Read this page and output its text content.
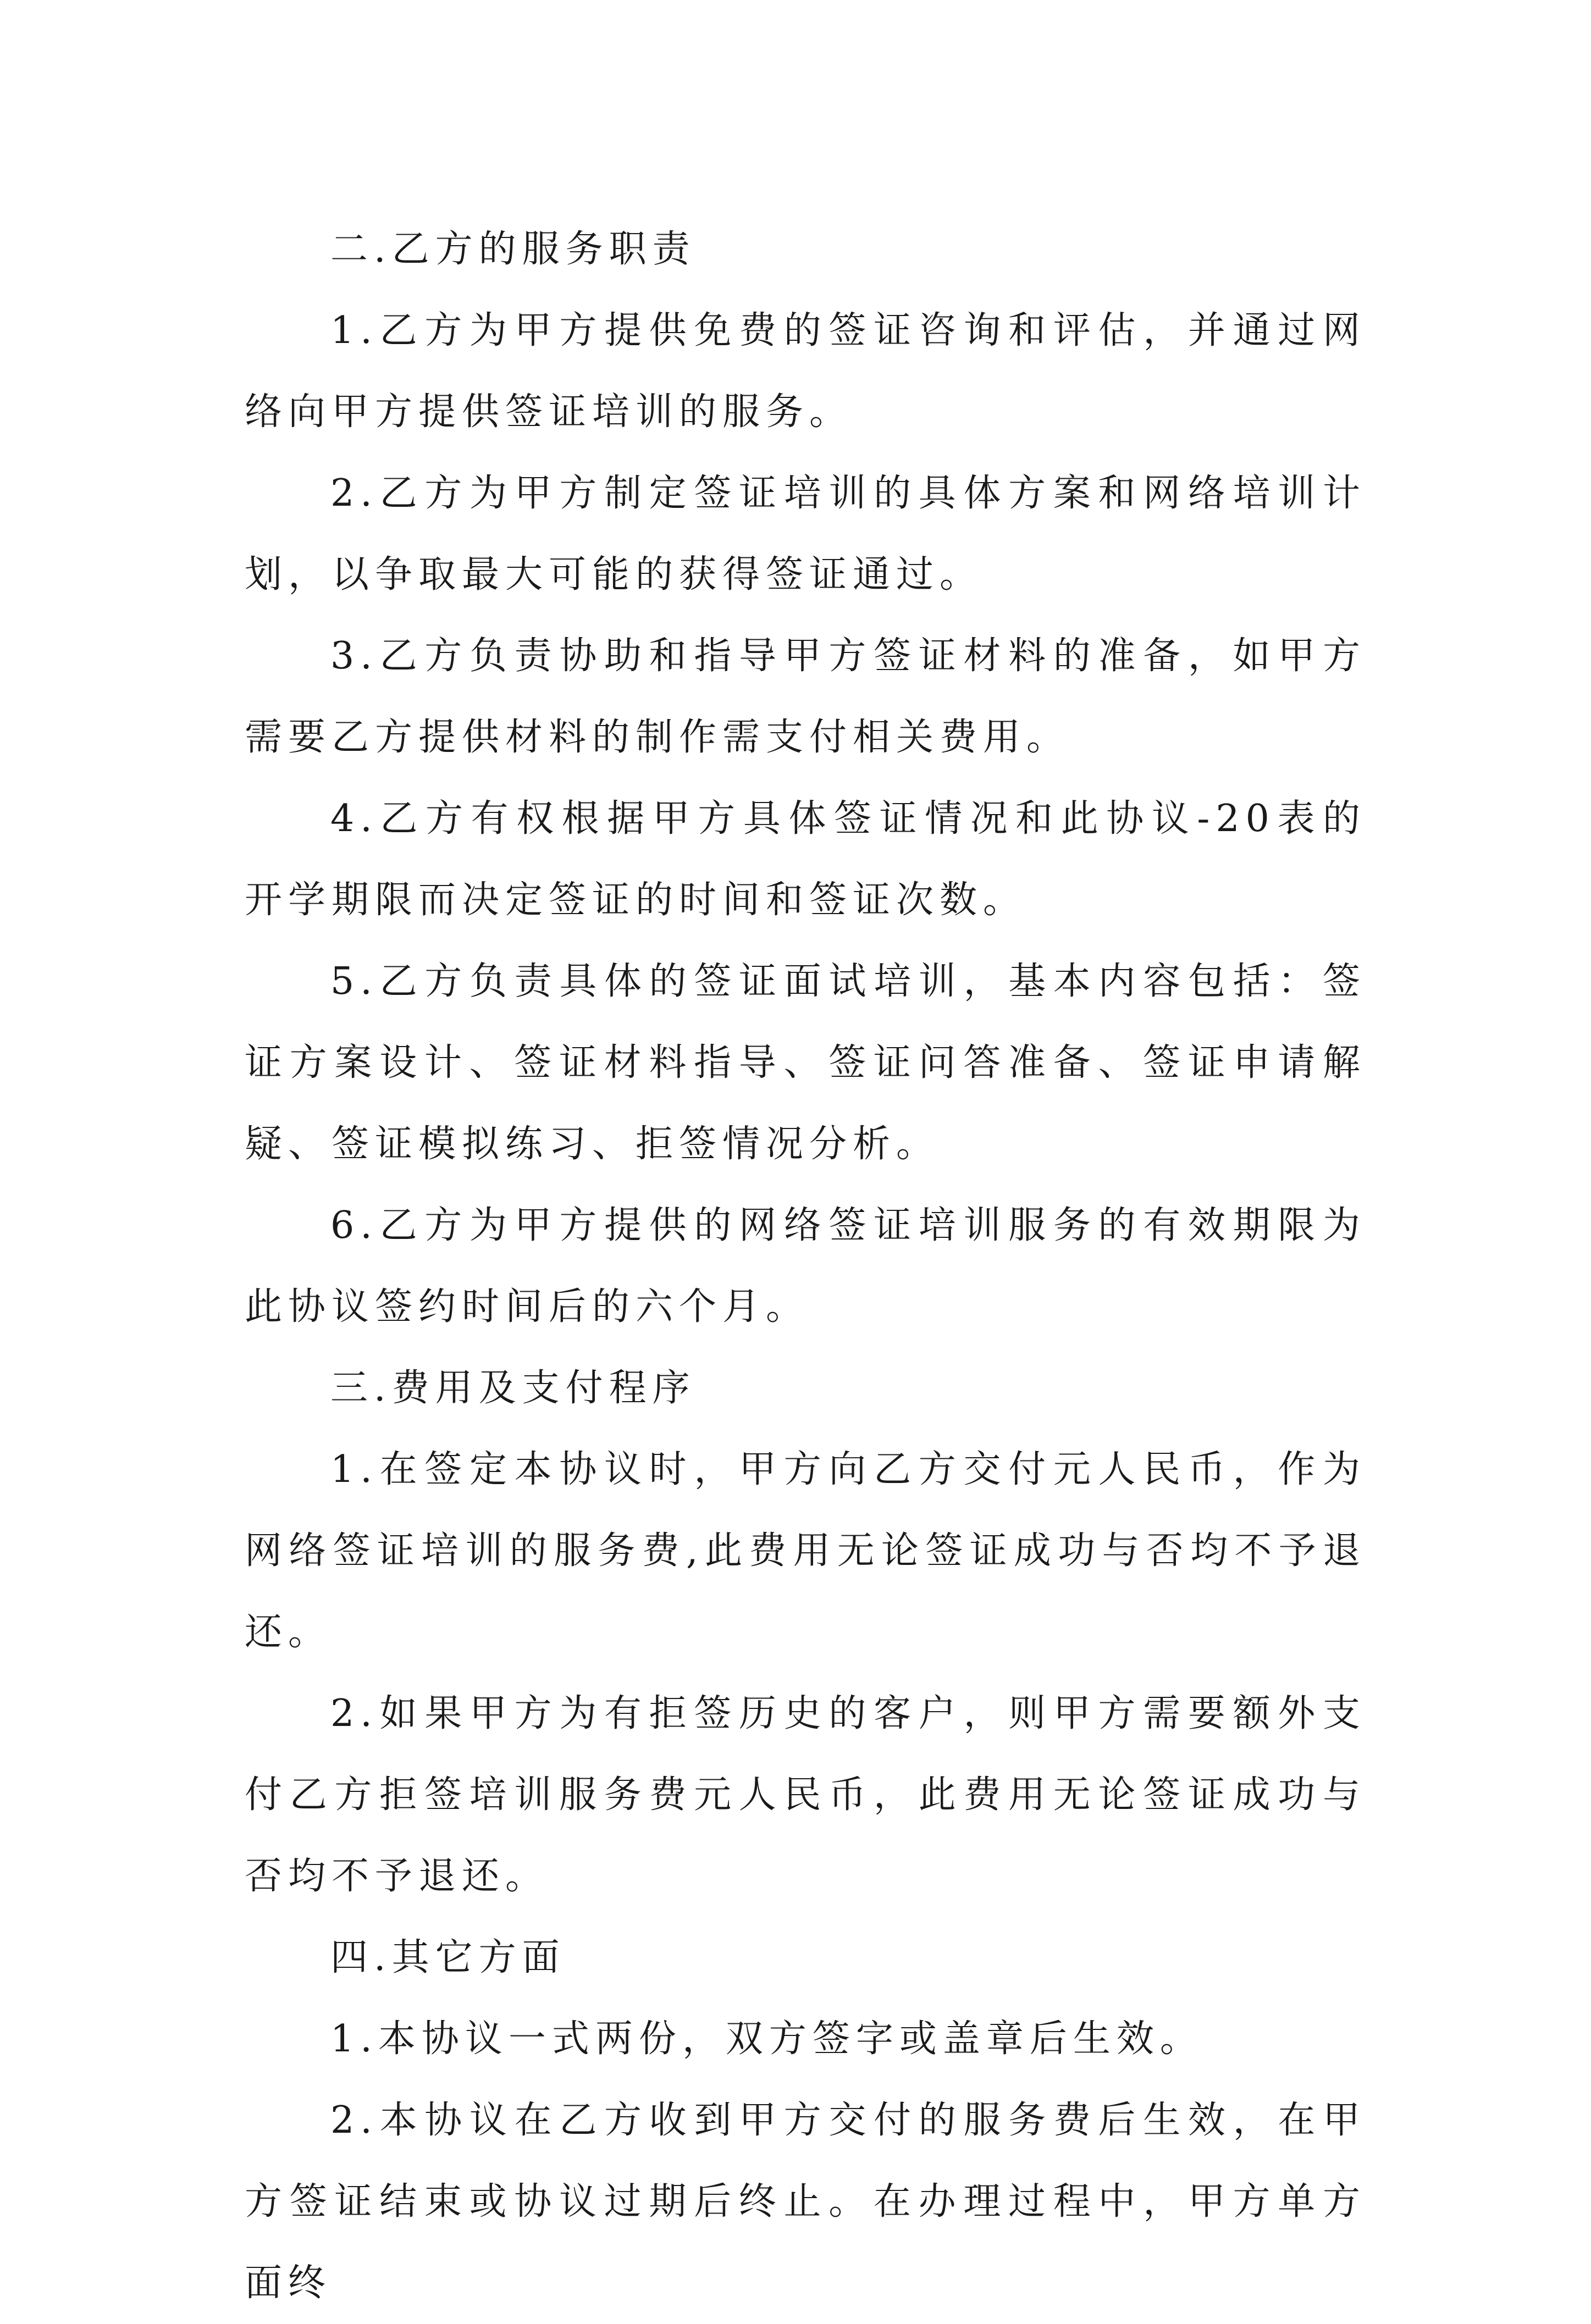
二.乙方的服务职责

1.乙方为甲方提供免费的签证咨询和评估，并通过网络向甲方提供签证培训的服务。

2.乙方为甲方制定签证培训的具体方案和网络培训计划，以争取最大可能的获得签证通过。

3.乙方负责协助和指导甲方签证材料的准备，如甲方需要乙方提供材料的制作需支付相关费用。

4.乙方有权根据甲方具体签证情况和此协议-20表的开学期限而决定签证的时间和签证次数。

5.乙方负责具体的签证面试培训，基本内容包括：签证方案设计、签证材料指导、签证问答准备、签证申请解疑、签证模拟练习、拒签情况分析。

6.乙方为甲方提供的网络签证培训服务的有效期限为此协议签约时间后的六个月。

三.费用及支付程序

1.在签定本协议时，甲方向乙方交付元人民币，作为网络签证培训的服务费,此费用无论签证成功与否均不予退还。

2.如果甲方为有拒签历史的客户，则甲方需要额外支付乙方拒签培训服务费元人民币，此费用无论签证成功与否均不予退还。

四.其它方面

1.本协议一式两份，双方签字或盖章后生效。

2.本协议在乙方收到甲方交付的服务费后生效，在甲方签证结束或协议过期后终止。在办理过程中，甲方单方面终
